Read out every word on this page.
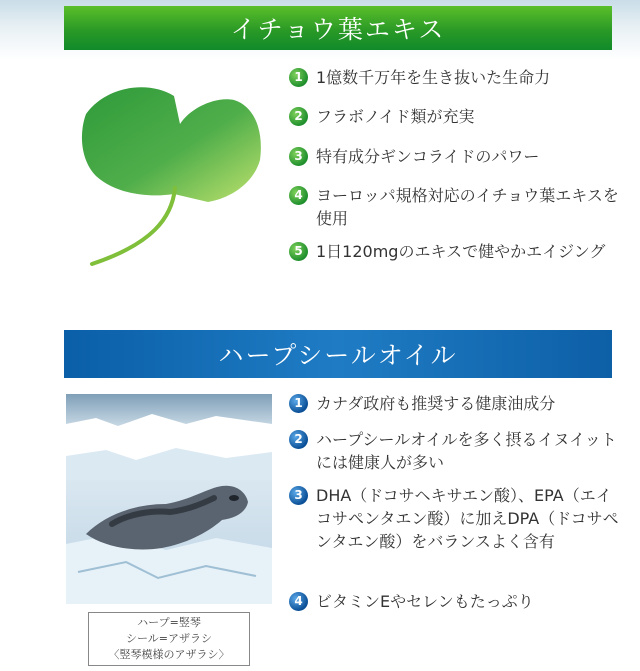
イチョウ葉エキス
1 1億数千万年を生き抜いた生命力
2 フラボノイド類が充実
3 特有成分ギンコライドのパワー
4 ヨーロッパ規格対応のイチョウ葉エキスを使用
5 1日120mgのエキスで健やかエイジング
ハープシールオイル
1 カナダ政府も推奨する健康油成分
2 ハープシールオイルを多く摂るイヌイットには健康人が多い
3 DHA（ドコサヘキサエン酸）、EPA（エイコサペンタエン酸）に加えDPA（ドコサペンタエン酸）をバランスよく含有
4 ビタミンEやセレンもたっぷり
ハープ=竪琴
シール=アザラシ
〈竪琴模様のアザラシ〉
